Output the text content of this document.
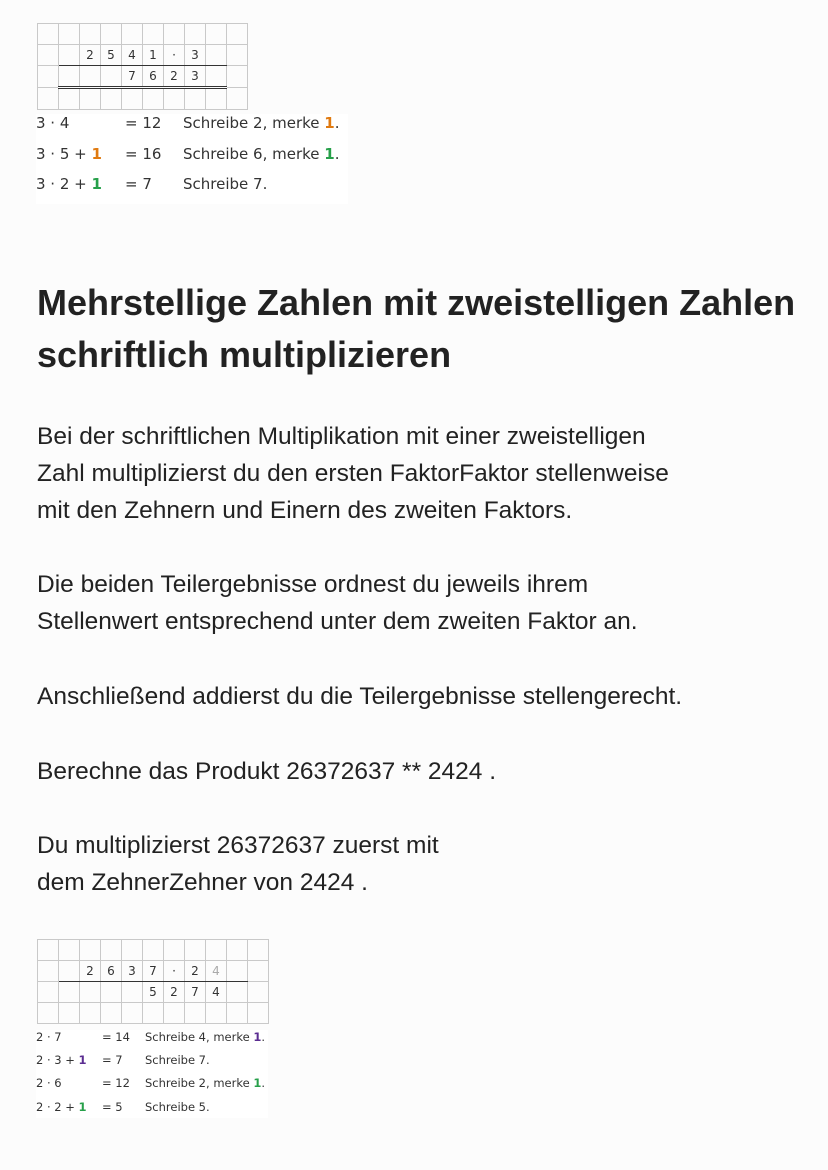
		2	5	4	1	·	3		
				7	6	2	3		

3 · 4	= 12 Schreibe 2, merke 1.
3 · 5 + 1 = 16 Schreibe 6, merke 1.
3 · 2 + 1 = 7 Schreibe 7.
Mehrstellige Zahlen mit zweistelligen Zahlen schriftlich multiplizieren

Bei der schriftlichen Multiplikation mit einer zweistelligen
Zahl multiplizierst du den ersten FaktorFaktor stellenweise
mit den Zehnern und Einern des zweiten Faktors.

Die beiden Teilergebnisse ordnest du jeweils ihrem
Stellenwert entsprechend unter dem zweiten Faktor an.

Anschließend addierst du die Teilergebnisse stellengerecht.

Berechne das Produkt 26372637 ** 2424 .

Du multiplizierst 26372637 zuerst mit
dem ZehnerZehner von 2424 .

		2	6	3	7	·	2	4		
					5	2	7	4		

2 · 7	= 14 Schreibe 4, merke 1.
2 · 3 + 1 = 7 Schreibe 7.
2 · 6	= 12 Schreibe 2, merke 1.
2 · 2 + 1 = 5 Schreibe 5.
